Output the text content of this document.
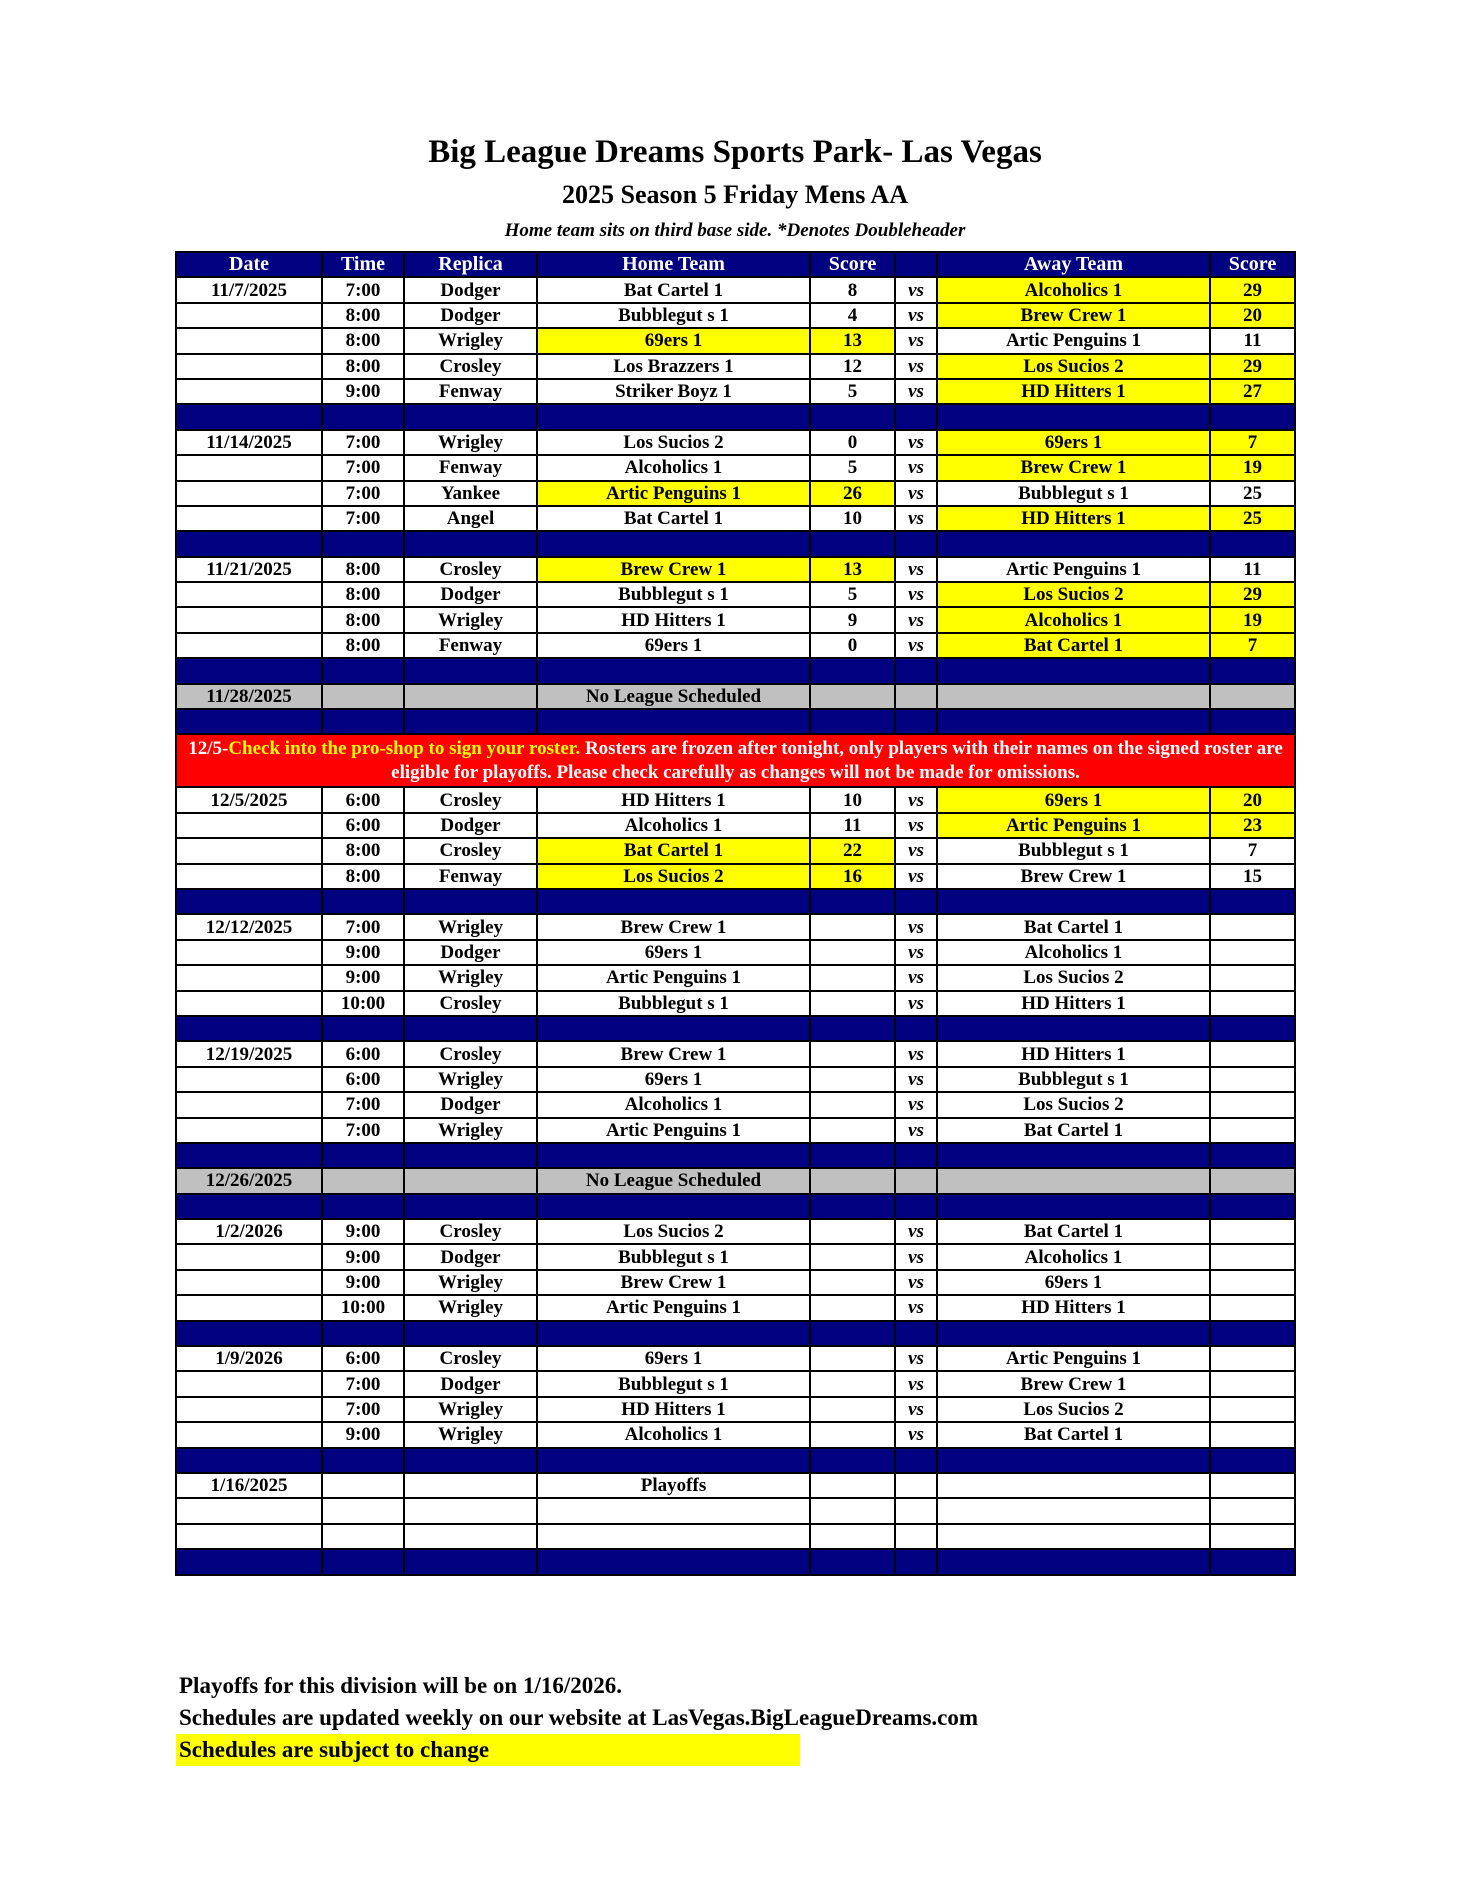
Big League Dreams Sports Park- Las Vegas
2025 Season 5 Friday Mens AA
Home team sits on third base side. *Denotes Doubleheader
Date	Time	Replica	Home Team	Score		Away Team	Score
11/7/2025	7:00	Dodger	Bat Cartel 1	8	vs	Alcoholics 1	29
	8:00	Dodger	Bubblegut s 1	4	vs	Brew Crew 1	20
	8:00	Wrigley	69ers 1	13	vs	Artic Penguins 1	11
	8:00	Crosley	Los Brazzers 1	12	vs	Los Sucios 2	29
	9:00	Fenway	Striker Boyz 1	5	vs	HD Hitters 1	27

11/14/2025	7:00	Wrigley	Los Sucios 2	0	vs	69ers 1	7
	7:00	Fenway	Alcoholics 1	5	vs	Brew Crew 1	19
	7:00	Yankee	Artic Penguins 1	26	vs	Bubblegut s 1	25
	7:00	Angel	Bat Cartel 1	10	vs	HD Hitters 1	25

11/21/2025	8:00	Crosley	Brew Crew 1	13	vs	Artic Penguins 1	11
	8:00	Dodger	Bubblegut s 1	5	vs	Los Sucios 2	29
	8:00	Wrigley	HD Hitters 1	9	vs	Alcoholics 1	19
	8:00	Fenway	69ers 1	0	vs	Bat Cartel 1	7

11/28/2025			No League Scheduled				

12/5-Check into the pro-shop to sign your roster. Rosters are frozen after tonight, only players with their names on the signed roster are eligible for playoffs. Please check carefully as changes will not be made for omissions.							
12/5/2025	6:00	Crosley	HD Hitters 1	10	vs	69ers 1	20
	6:00	Dodger	Alcoholics 1	11	vs	Artic Penguins 1	23
	8:00	Crosley	Bat Cartel 1	22	vs	Bubblegut s 1	7
	8:00	Fenway	Los Sucios 2	16	vs	Brew Crew 1	15

12/12/2025	7:00	Wrigley	Brew Crew 1		vs	Bat Cartel 1	
	9:00	Dodger	69ers 1		vs	Alcoholics 1	
	9:00	Wrigley	Artic Penguins 1		vs	Los Sucios 2	
	10:00	Crosley	Bubblegut s 1		vs	HD Hitters 1	

12/19/2025	6:00	Crosley	Brew Crew 1		vs	HD Hitters 1	
	6:00	Wrigley	69ers 1		vs	Bubblegut s 1	
	7:00	Dodger	Alcoholics 1		vs	Los Sucios 2	
	7:00	Wrigley	Artic Penguins 1		vs	Bat Cartel 1	

12/26/2025			No League Scheduled				

1/2/2026	9:00	Crosley	Los Sucios 2		vs	Bat Cartel 1	
	9:00	Dodger	Bubblegut s 1		vs	Alcoholics 1	
	9:00	Wrigley	Brew Crew 1		vs	69ers 1	
	10:00	Wrigley	Artic Penguins 1		vs	HD Hitters 1	

1/9/2026	6:00	Crosley	69ers 1		vs	Artic Penguins 1	
	7:00	Dodger	Bubblegut s 1		vs	Brew Crew 1	
	7:00	Wrigley	HD Hitters 1		vs	Los Sucios 2	
	9:00	Wrigley	Alcoholics 1		vs	Bat Cartel 1	

1/16/2025			Playoffs				

Playoffs for this division will be on 1/16/2026.
Schedules are updated weekly on our website at LasVegas.BigLeagueDreams.com
Schedules are subject to change
